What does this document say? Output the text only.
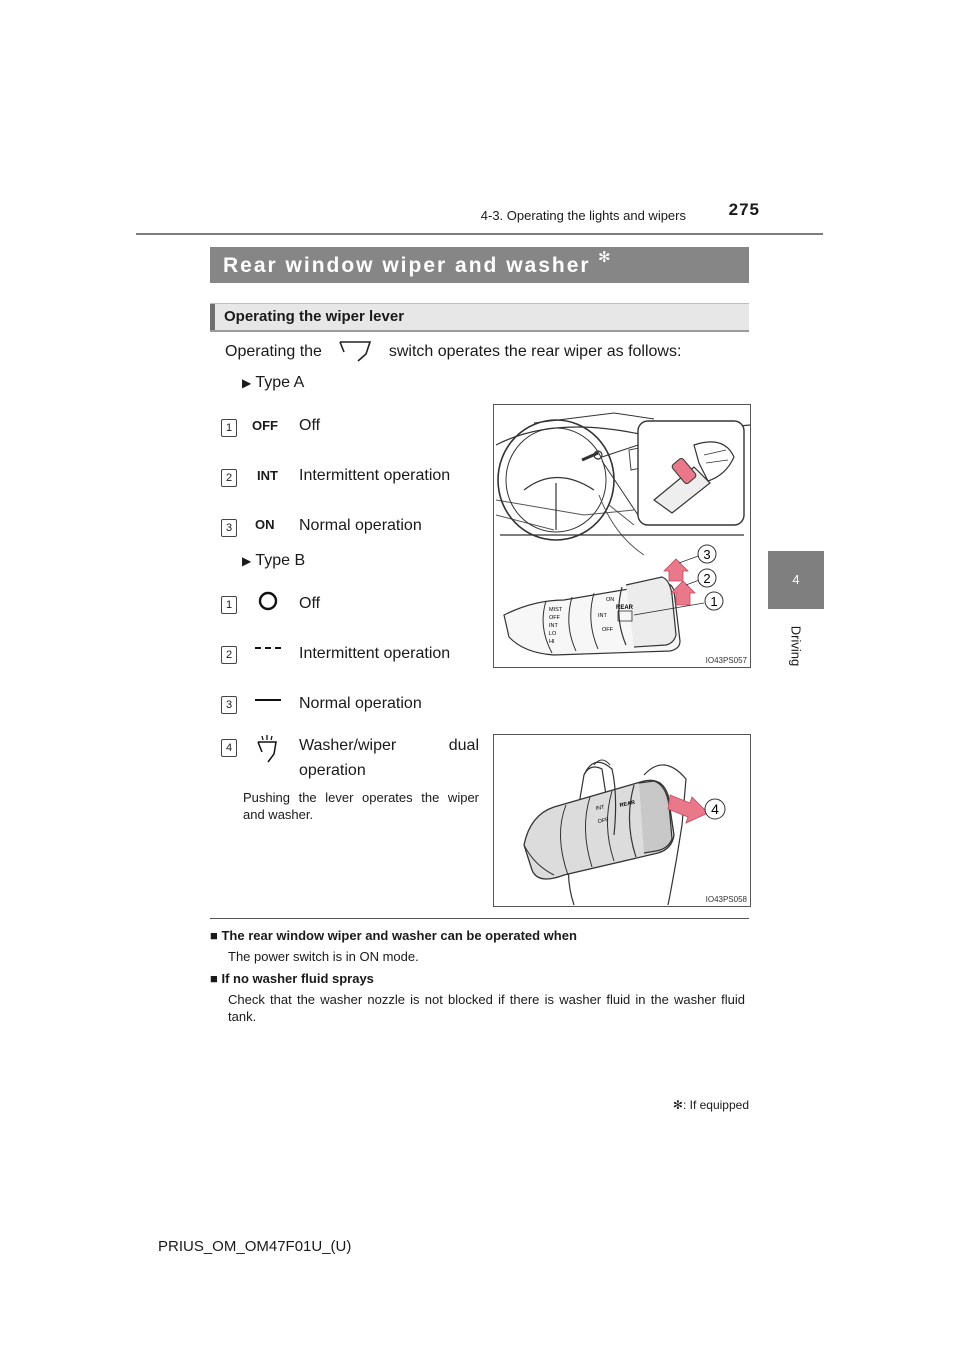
4-3. Operating the lights and wipers	275
4
Driving
Rear window wiper and washer ✻
Operating the wiper lever
Operating the	switch operates the rear wiper as follows:
▶ Type A
1	OFF Off
2	INT Intermittent operation
3	ON Normal operation
▶ Type B
1	Off
2	Intermittent operation
3	Normal operation
4	Washer/wiper dual
operation
Pushing the lever operates the wiper and washer.
MIST
OFF
INT
LO
HI
ON
INT
OFF
REAR
3
2
1
IO43PS057
INT
OFF
REAR	4
IO43PS058
■ The rear window wiper and washer can be operated when
The power switch is in ON mode.
■ If no washer fluid sprays
Check that the washer nozzle is not blocked if there is washer fluid in the washer fluid tank.
✻: If equipped
PRIUS_OM_OM47F01U_(U)
